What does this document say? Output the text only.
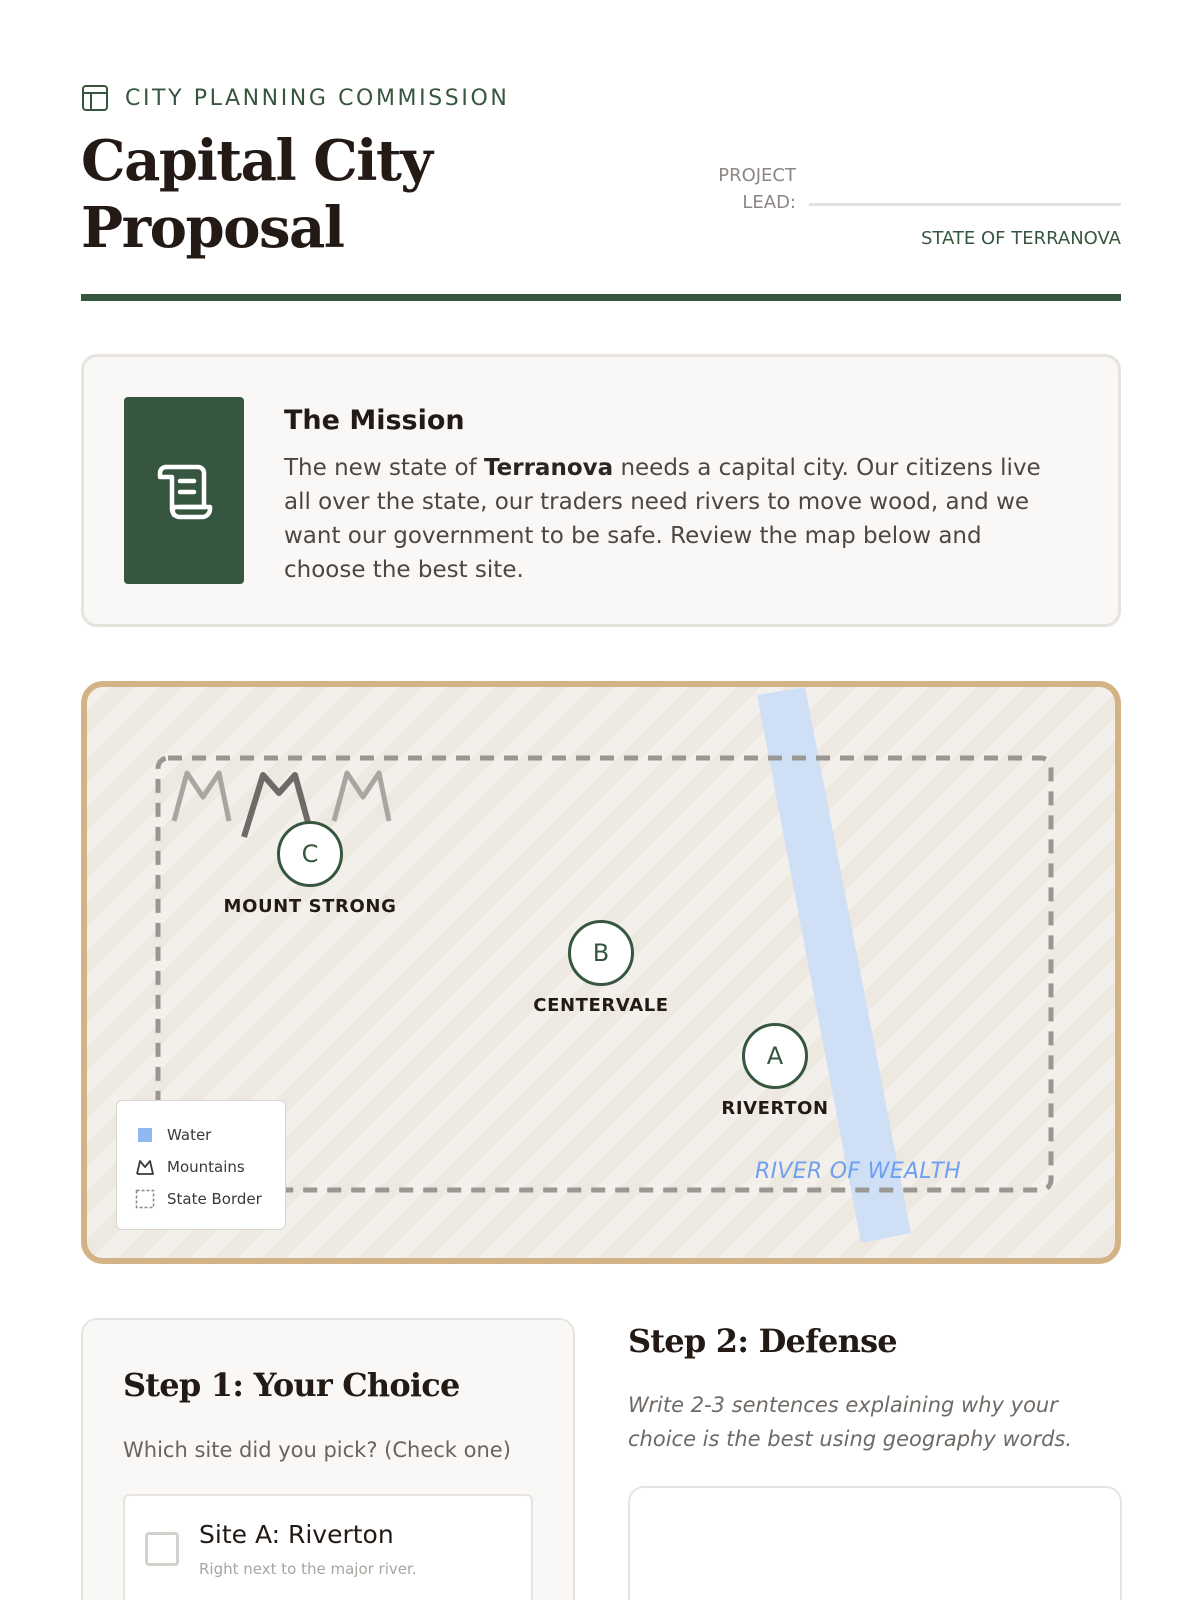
CITY PLANNING COMMISSION
Capital City Proposal
PROJECT LEAD:
STATE OF TERRANOVA
The Mission

The new state of Terranova needs a capital city. Our citizens live all over the state, our traders need rivers to move wood, and we want our government to be safe. Review the map below and choose the best site.

C
MOUNT STRONG
B
CENTERVALE
A
RIVERTON
RIVER OF WEALTH
Water
Mountains
State Border
Step 1: Your Choice

Which site did you pick? (Check one)

Site A: Riverton
Right next to the major river.
Step 2: Defense

Write 2-3 sentences explaining why your choice is the best using geography words.
